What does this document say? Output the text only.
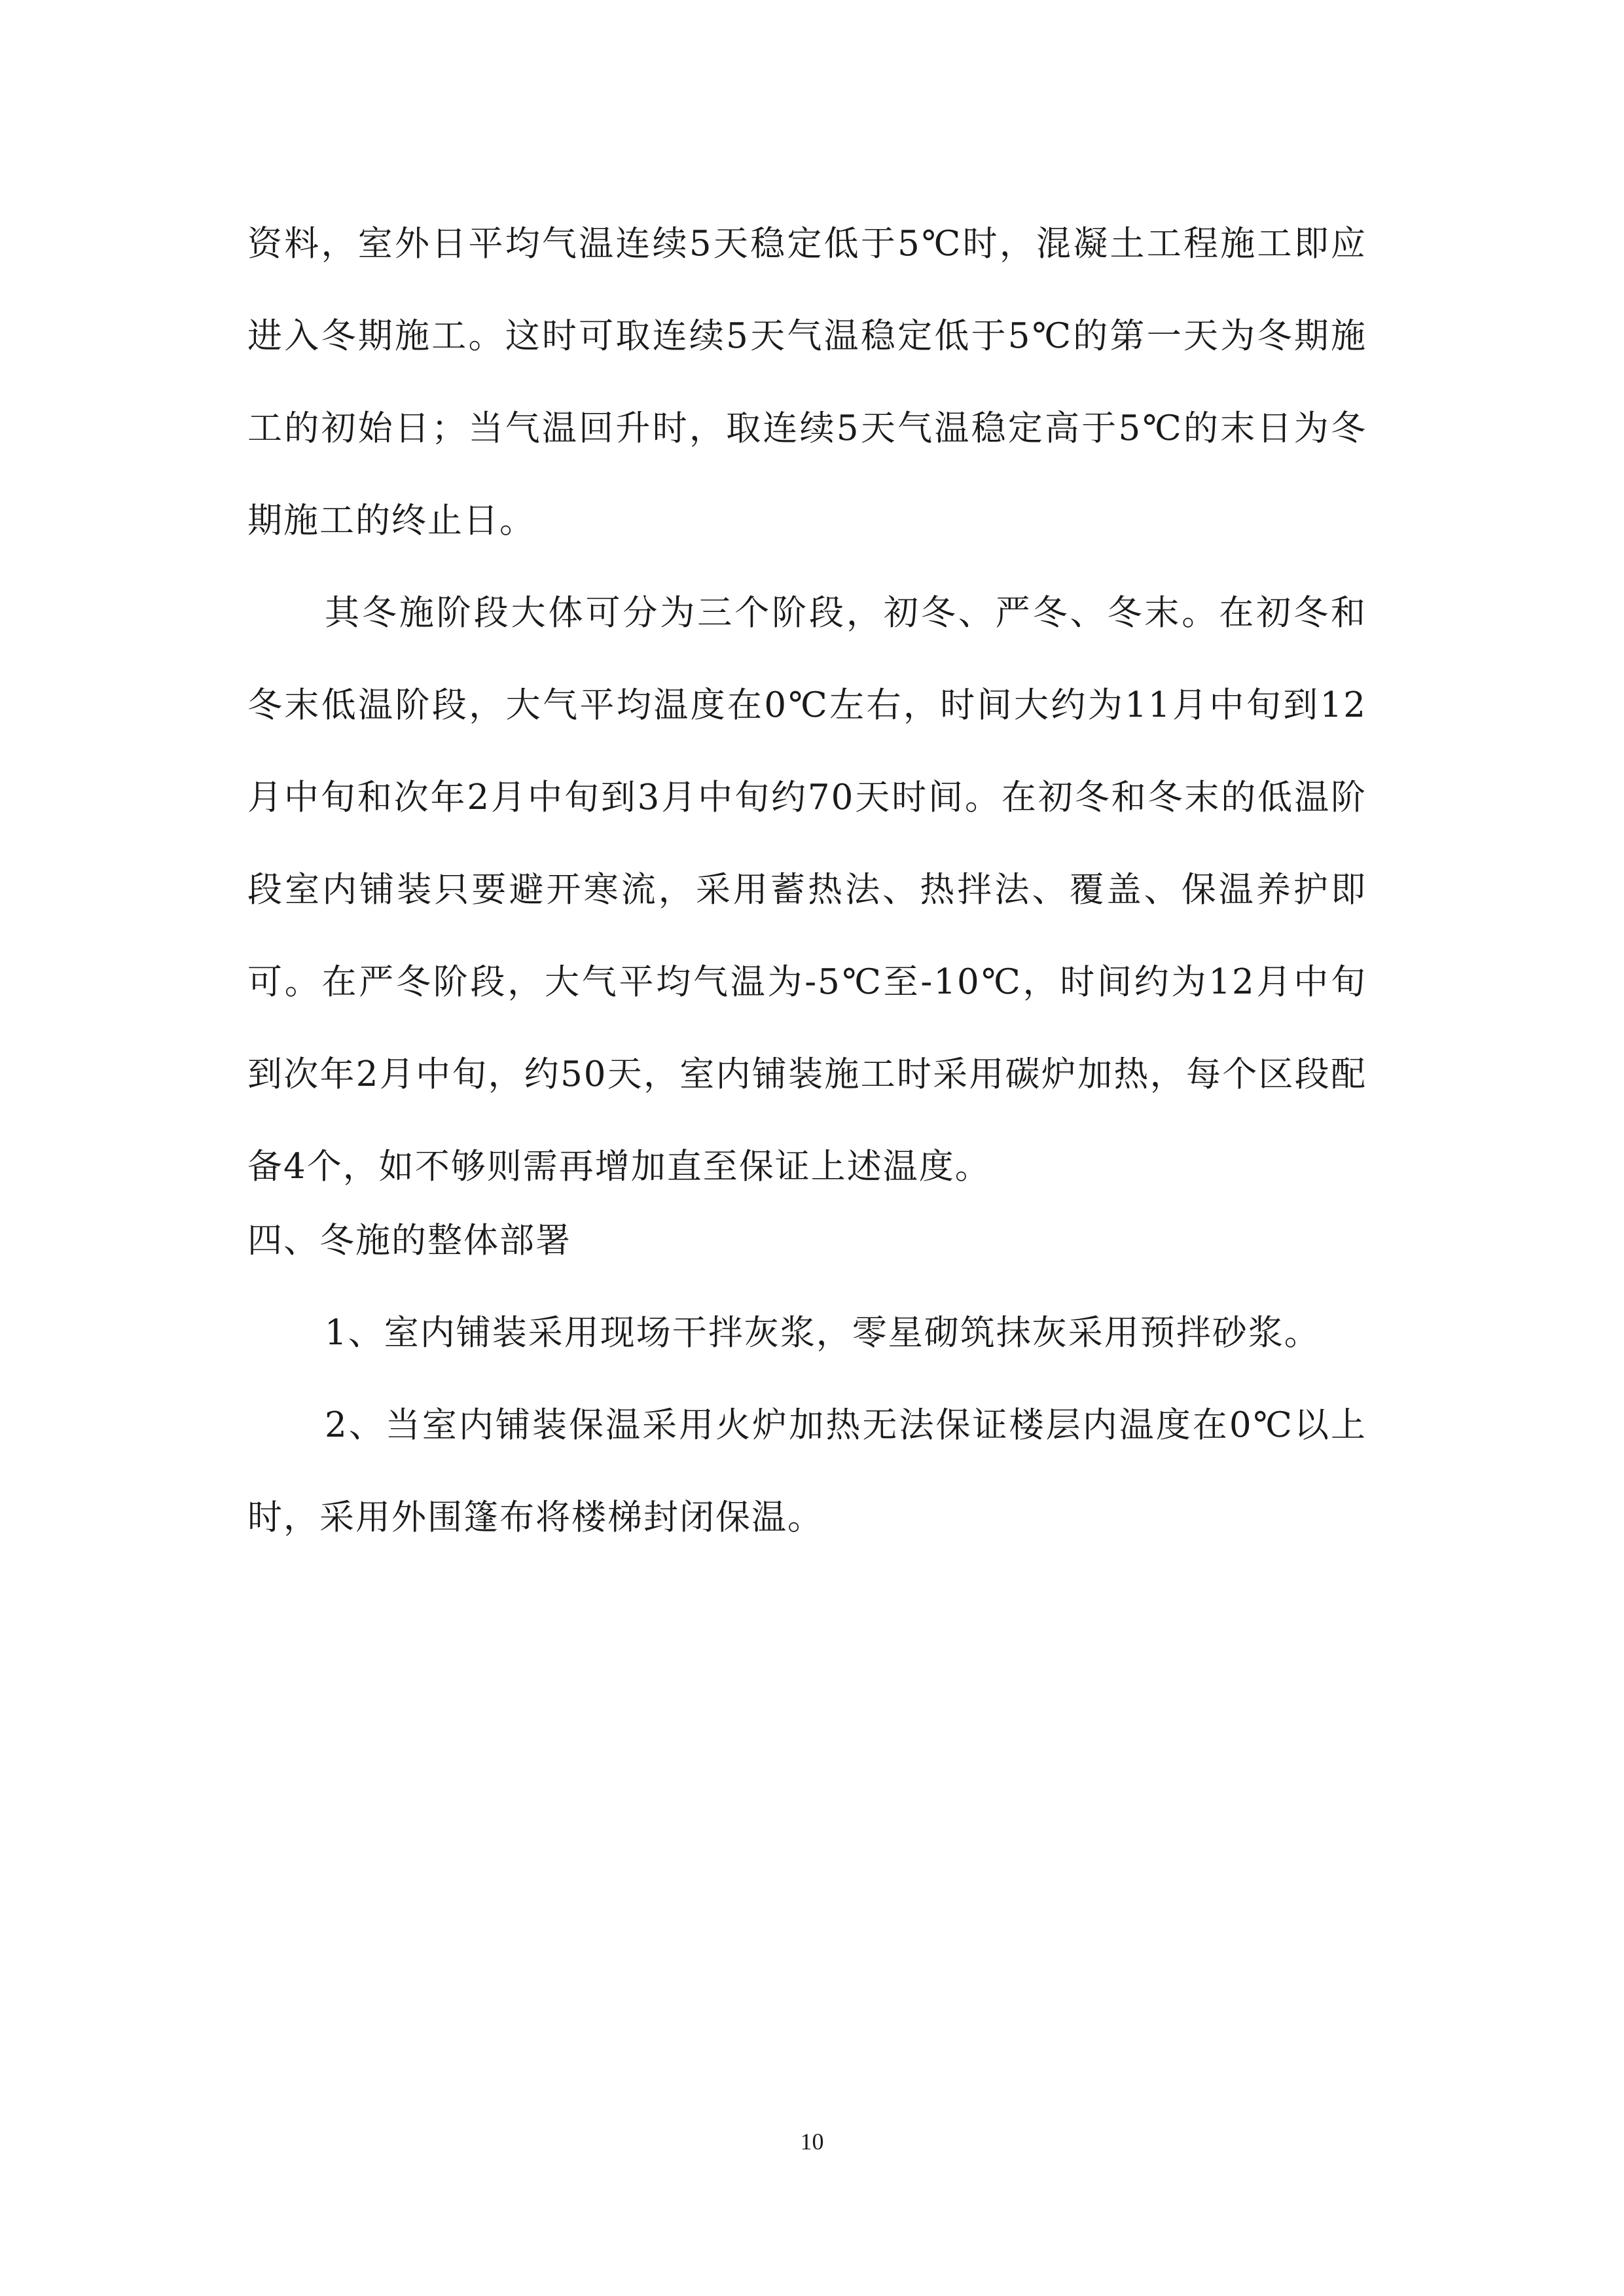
资料，室外日平均气温连续5天稳定低于5℃时，混凝土工程施工即应进入冬期施工。这时可取连续5天气温稳定低于5℃的第一天为冬期施工的初始日；当气温回升时，取连续5天气温稳定高于5℃的末日为冬期施工的终止日。

其冬施阶段大体可分为三个阶段，初冬、严冬、冬末。在初冬和冬末低温阶段，大气平均温度在0℃左右，时间大约为11月中旬到12月中旬和次年2月中旬到3月中旬约70天时间。在初冬和冬末的低温阶段室内铺装只要避开寒流，采用蓄热法、热拌法、覆盖、保温养护即可。在严冬阶段，大气平均气温为-5℃至-10℃，时间约为12月中旬到次年2月中旬，约50天，室内铺装施工时采用碳炉加热，每个区段配备4个，如不够则需再增加直至保证上述温度。

四、冬施的整体部署

1、室内铺装采用现场干拌灰浆，零星砌筑抹灰采用预拌砂浆。

2、当室内铺装保温采用火炉加热无法保证楼层内温度在0℃以上时，采用外围篷布将楼梯封闭保温。

10
